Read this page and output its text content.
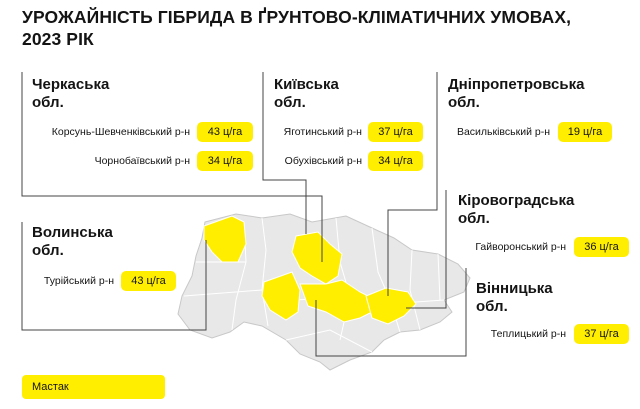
УРОЖАЙНІСТЬ ГІБРИДА В ҐРУНТОВО-КЛІМАТИЧНИХ УМОВАХ,
2023 РІК
Черкаська
обл.
Корсунь-Шевченківський р-н	43 ц/га
Чорнобаївський р-н	34 ц/га
Київська
обл.
Яготинський р-н	37 ц/га
Обухівський р-н	34 ц/га
Дніпропетровська
обл.
Васильківський р-н	19 ц/га
Волинська
обл.
Турійський р-н	43 ц/га
Кіровоградська
обл.
Гайворонський р-н	36 ц/га
Вінницька
обл.
Теплицький р-н	37 ц/га
Мастак
